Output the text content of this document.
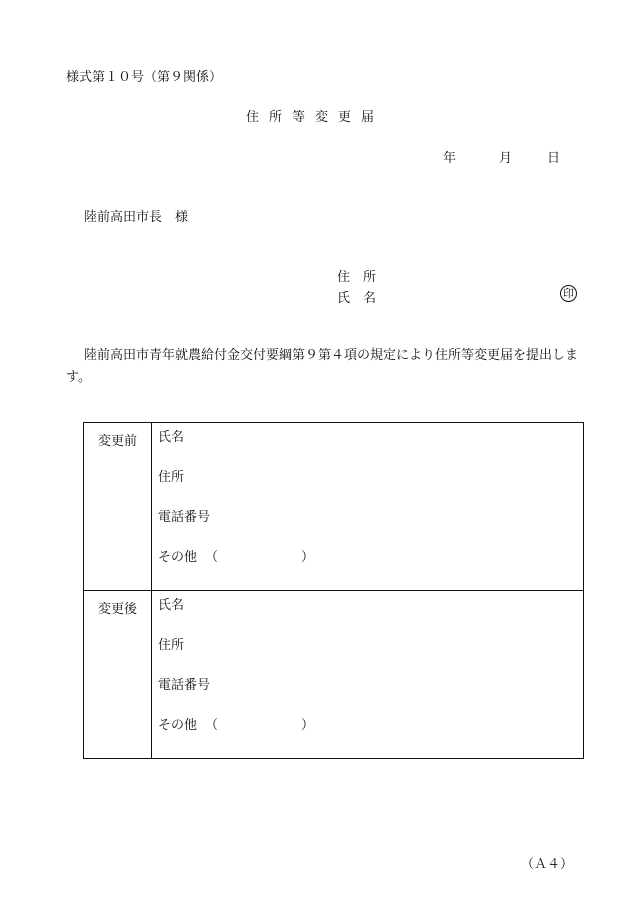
様式第１０号（第９関係）
住所等変更届
年	月	日
陸前高田市長　様
住　所
氏　名	印
陸前高田市青年就農給付金交付要綱第９第４項の規定により住所等変更届を提出します。
変更前	氏名
住所
電話番号
その他 （ ）

変更後	氏名
住所
電話番号
その他 （ ）
（Ａ４）
